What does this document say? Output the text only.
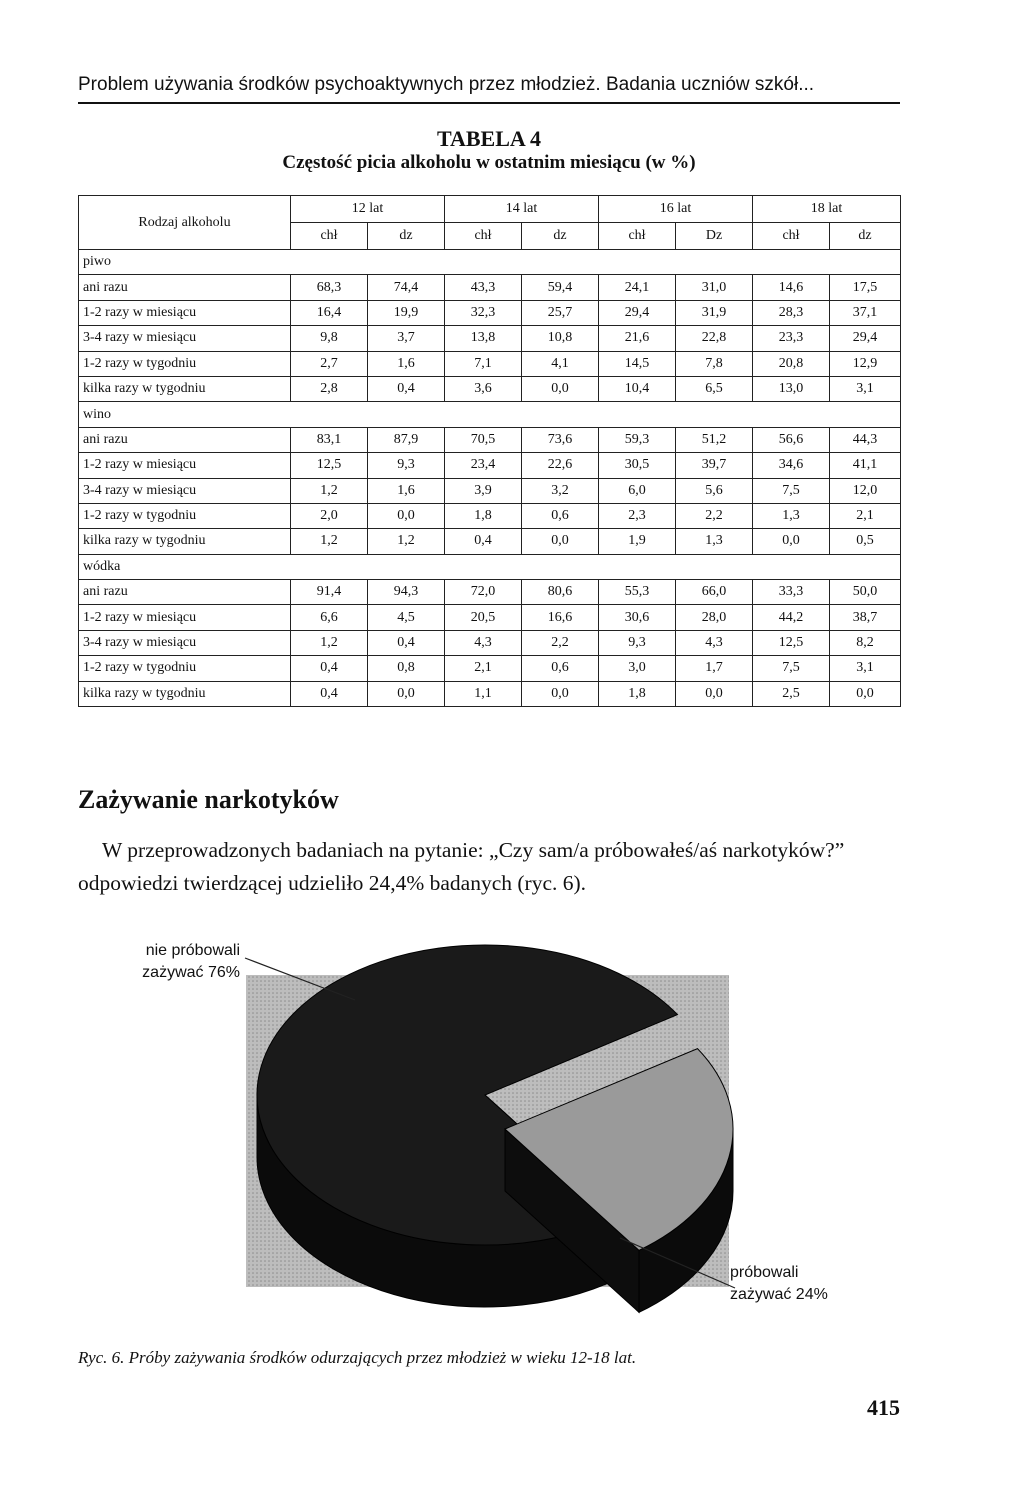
Problem używania środków psychoaktywnych przez młodzież. Badania uczniów szkół...
TABELA 4
Częstość picia alkoholu w ostatnim miesiącu (w %)
Rodzaj alkoholu	12 lat		14 lat		16 lat		18 lat	
	chł	dz	chł	dz	chł	Dz	chł	dz
piwo								
ani razu	68,3	74,4	43,3	59,4	24,1	31,0	14,6	17,5
1-2 razy w miesiącu	16,4	19,9	32,3	25,7	29,4	31,9	28,3	37,1
3-4 razy w miesiącu	9,8	3,7	13,8	10,8	21,6	22,8	23,3	29,4
1-2 razy w tygodniu	2,7	1,6	7,1	4,1	14,5	7,8	20,8	12,9
kilka razy w tygodniu	2,8	0,4	3,6	0,0	10,4	6,5	13,0	3,1
wino								
ani razu	83,1	87,9	70,5	73,6	59,3	51,2	56,6	44,3
1-2 razy w miesiącu	12,5	9,3	23,4	22,6	30,5	39,7	34,6	41,1
3-4 razy w miesiącu	1,2	1,6	3,9	3,2	6,0	5,6	7,5	12,0
1-2 razy w tygodniu	2,0	0,0	1,8	0,6	2,3	2,2	1,3	2,1
kilka razy w tygodniu	1,2	1,2	0,4	0,0	1,9	1,3	0,0	0,5
wódka								
ani razu	91,4	94,3	72,0	80,6	55,3	66,0	33,3	50,0
1-2 razy w miesiącu	6,6	4,5	20,5	16,6	30,6	28,0	44,2	38,7
3-4 razy w miesiącu	1,2	0,4	4,3	2,2	9,3	4,3	12,5	8,2
1-2 razy w tygodniu	0,4	0,8	2,1	0,6	3,0	1,7	7,5	3,1
kilka razy w tygodniu	0,4	0,0	1,1	0,0	1,8	0,0	2,5	0,0
Zażywanie narkotyków

W przeprowadzonych badaniach na pytanie: „Czy sam/a próbowałeś/aś narkotyków?” odpowiedzi twierdzącej udzieliło 24,4% badanych (ryc. 6).

nie próbowali zażywać 76%
próbowali zażywać 24%
Ryc. 6. Próby zażywania środków odurzających przez młodzież w wieku 12-18 lat.
415
